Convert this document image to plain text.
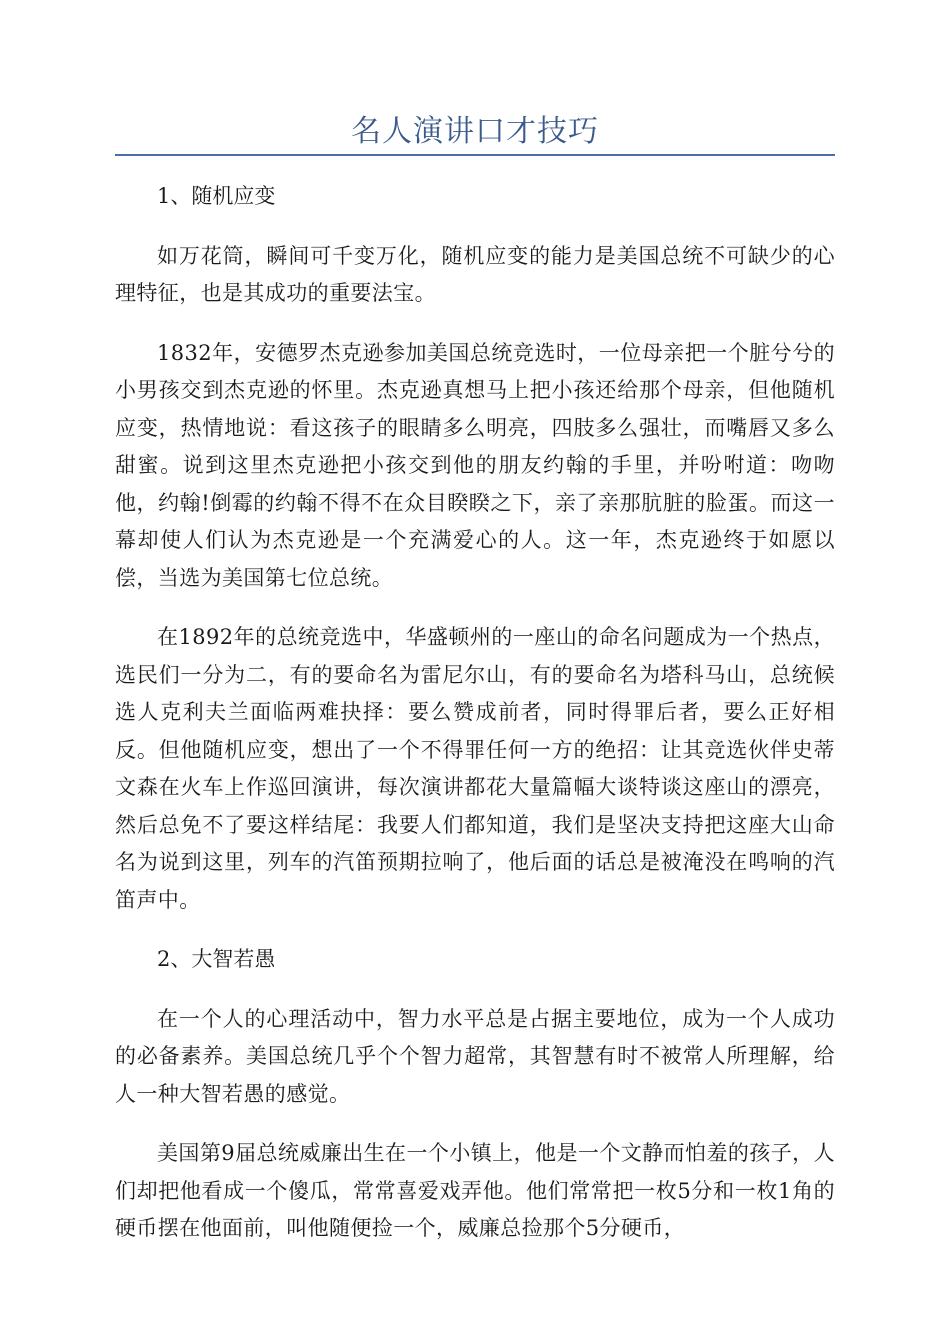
名人演讲口才技巧

1、随机应变

如万花筒，瞬间可千变万化，随机应变的能力是美国总统不可缺少的心理特征，也是其成功的重要法宝。

1832年，安德罗杰克逊参加美国总统竞选时，一位母亲把一个脏兮兮的小男孩交到杰克逊的怀里。杰克逊真想马上把小孩还给那个母亲，但他随机应变，热情地说：看这孩子的眼睛多么明亮，四肢多么强壮，而嘴唇又多么甜蜜。说到这里杰克逊把小孩交到他的朋友约翰的手里，并吩咐道：吻吻他，约翰!倒霉的约翰不得不在众目睽睽之下，亲了亲那肮脏的脸蛋。而这一幕却使人们认为杰克逊是一个充满爱心的人。这一年，杰克逊终于如愿以偿，当选为美国第七位总统。

在1892年的总统竞选中，华盛顿州的一座山的命名问题成为一个热点，选民们一分为二，有的要命名为雷尼尔山，有的要命名为塔科马山，总统候选人克利夫兰面临两难抉择：要么赞成前者，同时得罪后者，要么正好相反。但他随机应变，想出了一个不得罪任何一方的绝招：让其竞选伙伴史蒂文森在火车上作巡回演讲，每次演讲都花大量篇幅大谈特谈这座山的漂亮，然后总免不了要这样结尾：我要人们都知道，我们是坚决支持把这座大山命名为说到这里，列车的汽笛预期拉响了，他后面的话总是被淹没在鸣响的汽笛声中。

2、大智若愚

在一个人的心理活动中，智力水平总是占据主要地位，成为一个人成功的必备素养。美国总统几乎个个智力超常，其智慧有时不被常人所理解，给人一种大智若愚的感觉。

美国第9届总统威廉出生在一个小镇上，他是一个文静而怕羞的孩子，人们却把他看成一个傻瓜，常常喜爱戏弄他。他们常常把一枚5分和一枚1角的硬币摆在他面前，叫他随便捡一个，威廉总捡那个5分硬币，
